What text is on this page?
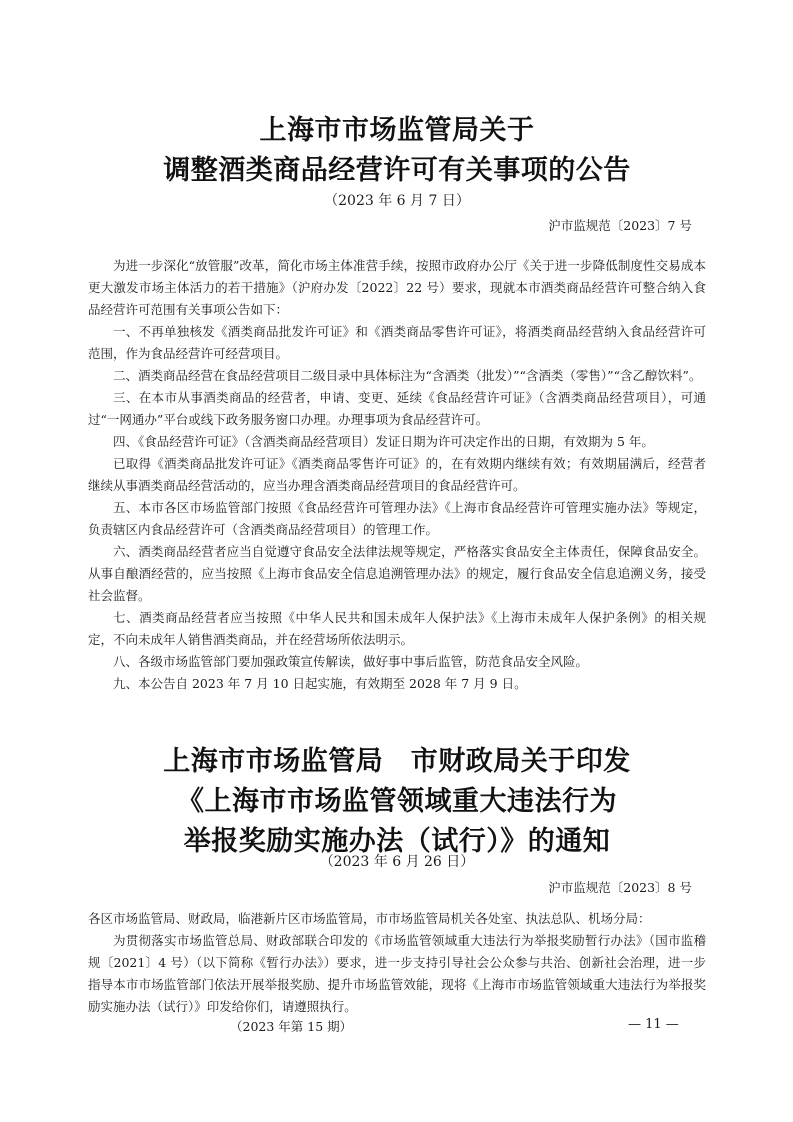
上海市市场监管局关于
调整酒类商品经营许可有关事项的公告
（2023 年 6 月 7 日）
沪市监规范〔2023〕7 号

为进一步深化“放管服”改革，简化市场主体准营手续，按照市政府办公厅《关于进一步降低制度性交易成本更大激发市场主体活力的若干措施》（沪府办发〔2022〕22 号）要求，现就本市酒类商品经营许可整合纳入食品经营许可范围有关事项公告如下：

一、不再单独核发《酒类商品批发许可证》和《酒类商品零售许可证》，将酒类商品经营纳入食品经营许可范围，作为食品经营许可经营项目。

二、酒类商品经营在食品经营项目二级目录中具体标注为“含酒类（批发）”“含酒类（零售）”“含乙醇饮料”。

三、在本市从事酒类商品的经营者，申请、变更、延续《食品经营许可证》（含酒类商品经营项目），可通过“一网通办”平台或线下政务服务窗口办理。办理事项为食品经营许可。

四、《食品经营许可证》（含酒类商品经营项目）发证日期为许可决定作出的日期，有效期为 5 年。

已取得《酒类商品批发许可证》《酒类商品零售许可证》的，在有效期内继续有效；有效期届满后，经营者继续从事酒类商品经营活动的，应当办理含酒类商品经营项目的食品经营许可。

五、本市各区市场监管部门按照《食品经营许可管理办法》《上海市食品经营许可管理实施办法》等规定，负责辖区内食品经营许可（含酒类商品经营项目）的管理工作。

六、酒类商品经营者应当自觉遵守食品安全法律法规等规定，严格落实食品安全主体责任，保障食品安全。从事自酿酒经营的，应当按照《上海市食品安全信息追溯管理办法》的规定，履行食品安全信息追溯义务，接受社会监督。

七、酒类商品经营者应当按照《中华人民共和国未成年人保护法》《上海市未成年人保护条例》的相关规定，不向未成年人销售酒类商品，并在经营场所依法明示。

八、各级市场监管部门要加强政策宣传解读，做好事中事后监管，防范食品安全风险。

九、本公告自 2023 年 7 月 10 日起实施，有效期至 2028 年 7 月 9 日。

上海市市场监管局　市财政局关于印发
《上海市市场监管领域重大违法行为
举报奖励实施办法（试行）》的通知
（2023 年 6 月 26 日）
沪市监规范〔2023〕8 号

各区市场监管局、财政局，临港新片区市场监管局，市市场监管局机关各处室、执法总队、机场分局：

为贯彻落实市场监管总局、财政部联合印发的《市场监管领域重大违法行为举报奖励暂行办法》（国市监稽规〔2021〕4 号）（以下简称《暂行办法》）要求，进一步支持引导社会公众参与共治、创新社会治理，进一步指导本市市场监管部门依法开展举报奖励、提升市场监管效能，现将《上海市市场监管领域重大违法行为举报奖励实施办法（试行）》印发给你们，请遵照执行。

（2023 年第 15 期）	— 11 —
